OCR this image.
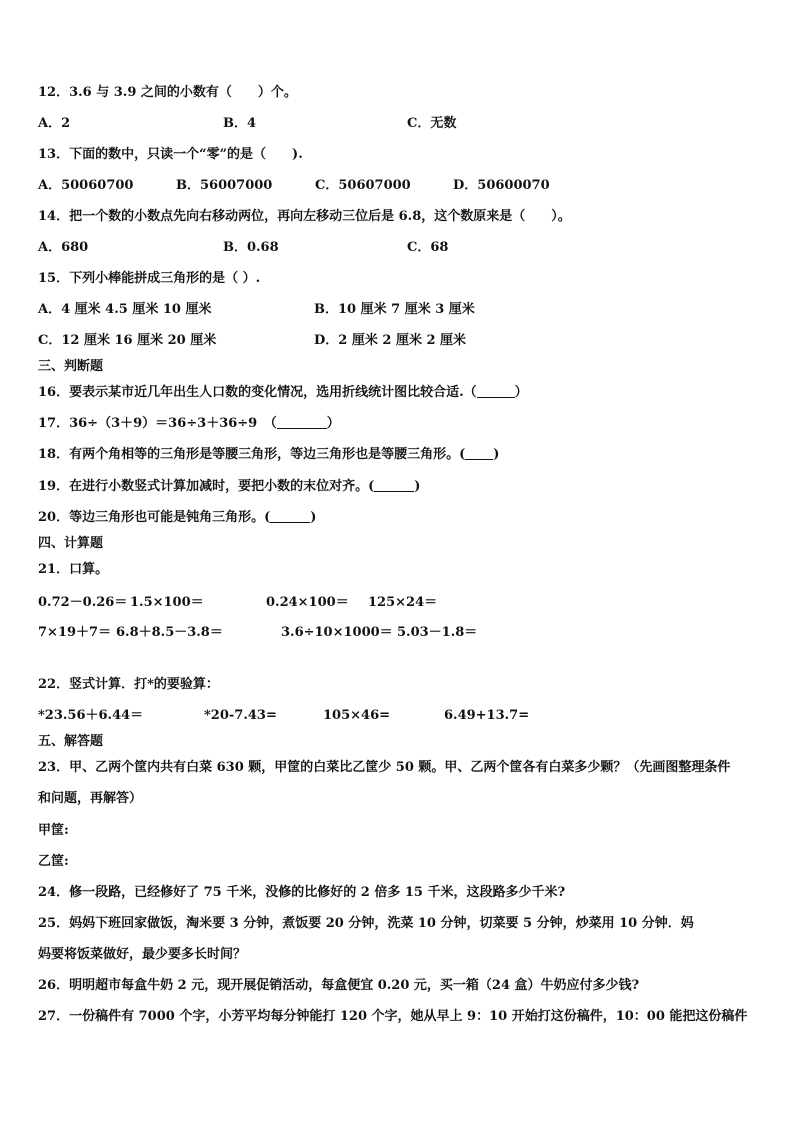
12．3.6 与 3.9 之间的小数有（　　）个。
A．2	B．4	C．无数
13．下面的数中，只读一个“零”的是（　　).
A．50060700	B．56007000	C．50607000	D．50600070
14．把一个数的小数点先向右移动两位，再向左移动三位后是 6.8，这个数原来是（　　）。
A．680	B．0.68	C．68
15．下列小棒能拼成三角形的是（ ）.
A．4 厘米 4.5 厘米 10 厘米	B．10 厘米 7 厘米 3 厘米
C．12 厘米 16 厘米 20 厘米	D．2 厘米 2 厘米 2 厘米
三、判断题
16．要表示某市近几年出生人口数的变化情况，选用折线统计图比较合适.（	）
17．36÷（3＋9）＝36÷3＋36÷9　（	）
18．有两个角相等的三角形是等腰三角形，等边三角形也是等腰三角形。( )
19．在进行小数竖式计算加减时，要把小数的末位对齐。(	)
20．等边三角形也可能是钝角三角形。(	)
四、计算题
21．口算。
0.72－0.26＝ 1.5×100＝	0.24×100＝ 125×24＝
7×19＋7＝ 6.8＋8.5－3.8＝	3.6÷10×1000＝ 5.03－1.8＝
22．竖式计算．打*的要验算：
*23.56＋6.44＝	*20-7.43=	105×46=	6.49+13.7=
五、解答题
23．甲、乙两个筐内共有白菜 630 颗，甲筐的白菜比乙筐少 50 颗。甲、乙两个筐各有白菜多少颗？（先画图整理条件
和问题，再解答）
甲筐:
乙筐:
24．修一段路，已经修好了 75 千米，没修的比修好的 2 倍多 15 千米，这段路多少千米?
25．妈妈下班回家做饭，淘米要 3 分钟，煮饭要 20 分钟，洗菜 10 分钟，切菜要 5 分钟，炒菜用 10 分钟．妈
妈要将饭菜做好，最少要多长时间？
26．明明超市每盒牛奶 2 元，现开展促销活动，每盒便宜 0.20 元，买一箱（24 盒）牛奶应付多少钱?
27．一份稿件有 7000 个字，小芳平均每分钟能打 120 个字，她从早上 9：10 开始打这份稿件，10：00 能把这份稿件
